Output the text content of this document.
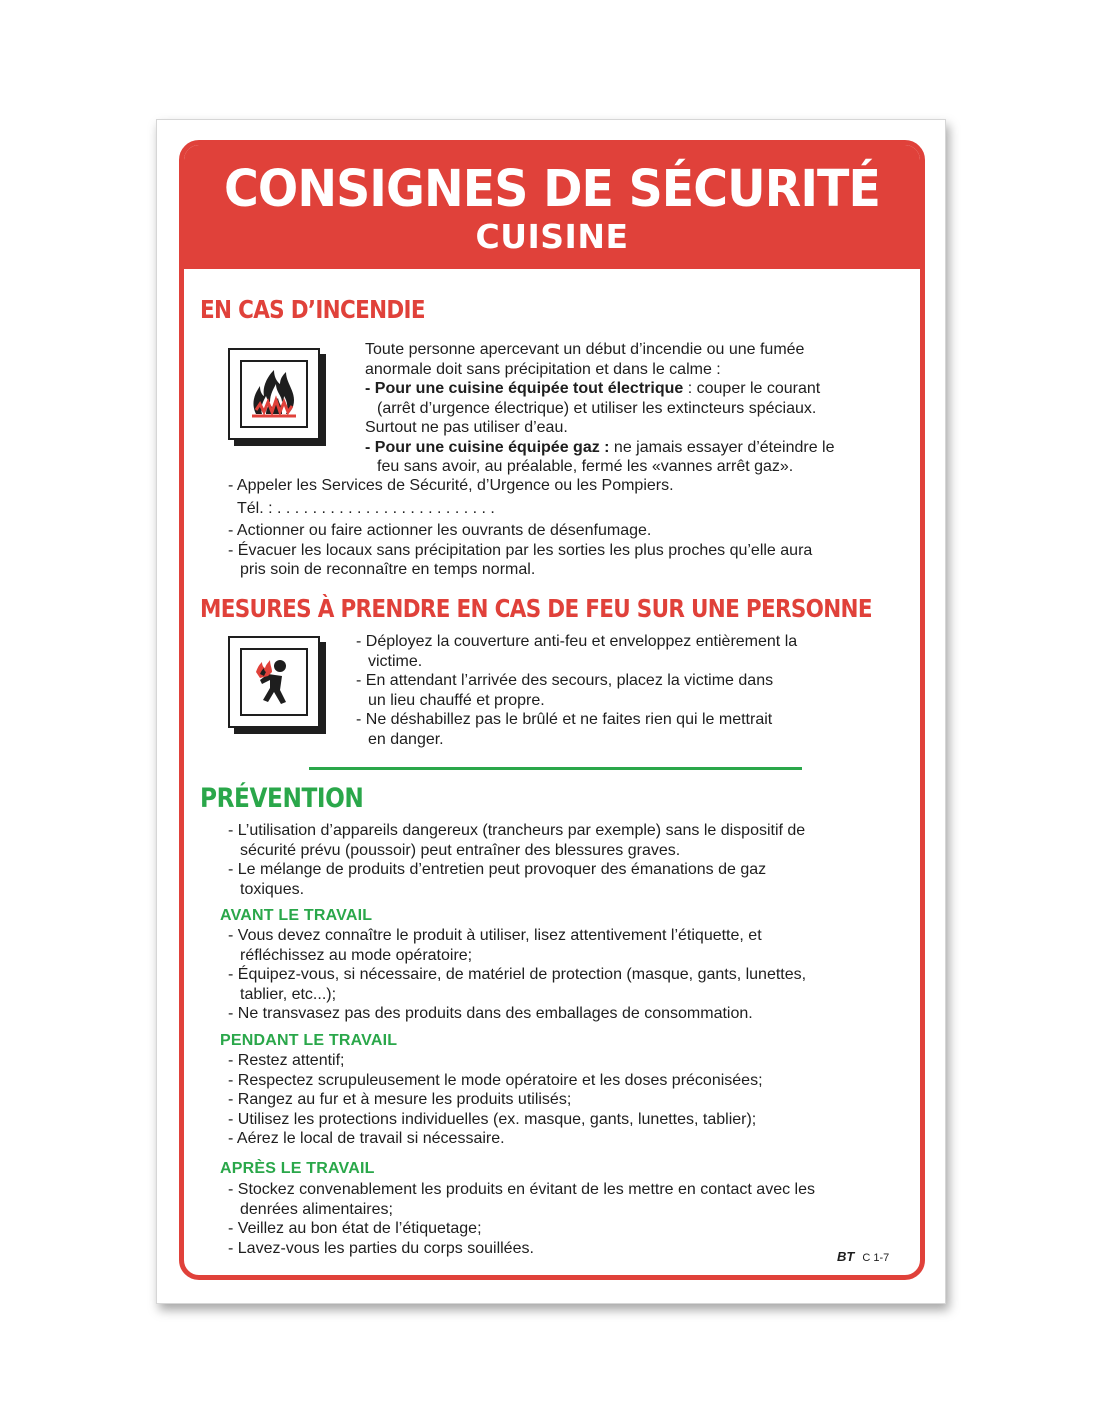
CONSIGNES DE SÉCURITÉ
CUISINE
EN CAS D’INCENDIE
Toute personne apercevant un début d’incendie ou une fumée
anormale doit sans précipitation et dans le calme :
- Pour une cuisine équipée tout électrique : couper le courant
(arrêt d’urgence électrique) et utiliser les extincteurs spéciaux.
Surtout ne pas utiliser d’eau.
- Pour une cuisine équipée gaz : ne jamais essayer d’éteindre le
feu sans avoir, au préalable, fermé les «vannes arrêt gaz».
- Appeler les Services de Sécurité, d’Urgence ou les Pompiers.
Tél. : . . . . . . . . . . . . . . . . . . . . . . . . .
- Actionner ou faire actionner les ouvrants de désenfumage.
- Évacuer les locaux sans précipitation par les sorties les plus proches qu’elle aura
pris soin de reconnaître en temps normal.
MESURES À PRENDRE EN CAS DE FEU SUR UNE PERSONNE
- Déployez la couverture anti-feu et enveloppez entièrement la
victime.
- En attendant l’arrivée des secours, placez la victime dans
un lieu chauffé et propre.
- Ne déshabillez pas le brûlé et ne faites rien qui le mettrait
en danger.
PRÉVENTION
- L’utilisation d’appareils dangereux (trancheurs par exemple) sans le dispositif de
sécurité prévu (poussoir) peut entraîner des blessures graves.
- Le mélange de produits d’entretien peut provoquer des émanations de gaz
toxiques.
AVANT LE TRAVAIL
- Vous devez connaître le produit à utiliser, lisez attentivement l’étiquette, et
réfléchissez au mode opératoire;
- Équipez-vous, si nécessaire, de matériel de protection (masque, gants, lunettes,
tablier, etc...);
- Ne transvasez pas des produits dans des emballages de consommation.
PENDANT LE TRAVAIL
- Restez attentif;
- Respectez scrupuleusement le mode opératoire et les doses préconisées;
- Rangez au fur et à mesure les produits utilisés;
- Utilisez les protections individuelles (ex. masque, gants, lunettes, tablier);
- Aérez le local de travail si nécessaire.
APRÈS LE TRAVAIL
- Stockez convenablement les produits en évitant de les mettre en contact avec les
denrées alimentaires;
- Veillez au bon état de l’étiquetage;
- Lavez-vous les parties du corps souillées.	BT C 1-7
